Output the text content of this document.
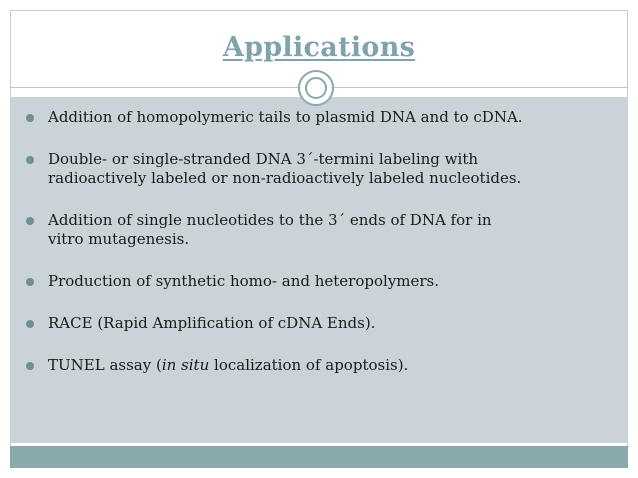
Applications
Addition of homopolymeric tails to plasmid DNA and to cDNA.
Double- or single-stranded DNA 3´-termini labeling with
radioactively labeled or non-radioactively labeled nucleotides.
Addition of single nucleotides to the 3´ ends of DNA for in
vitro mutagenesis.
Production of synthetic homo- and heteropolymers.
RACE (Rapid Amplification of cDNA Ends).
TUNEL assay (in situ localization of apoptosis).
